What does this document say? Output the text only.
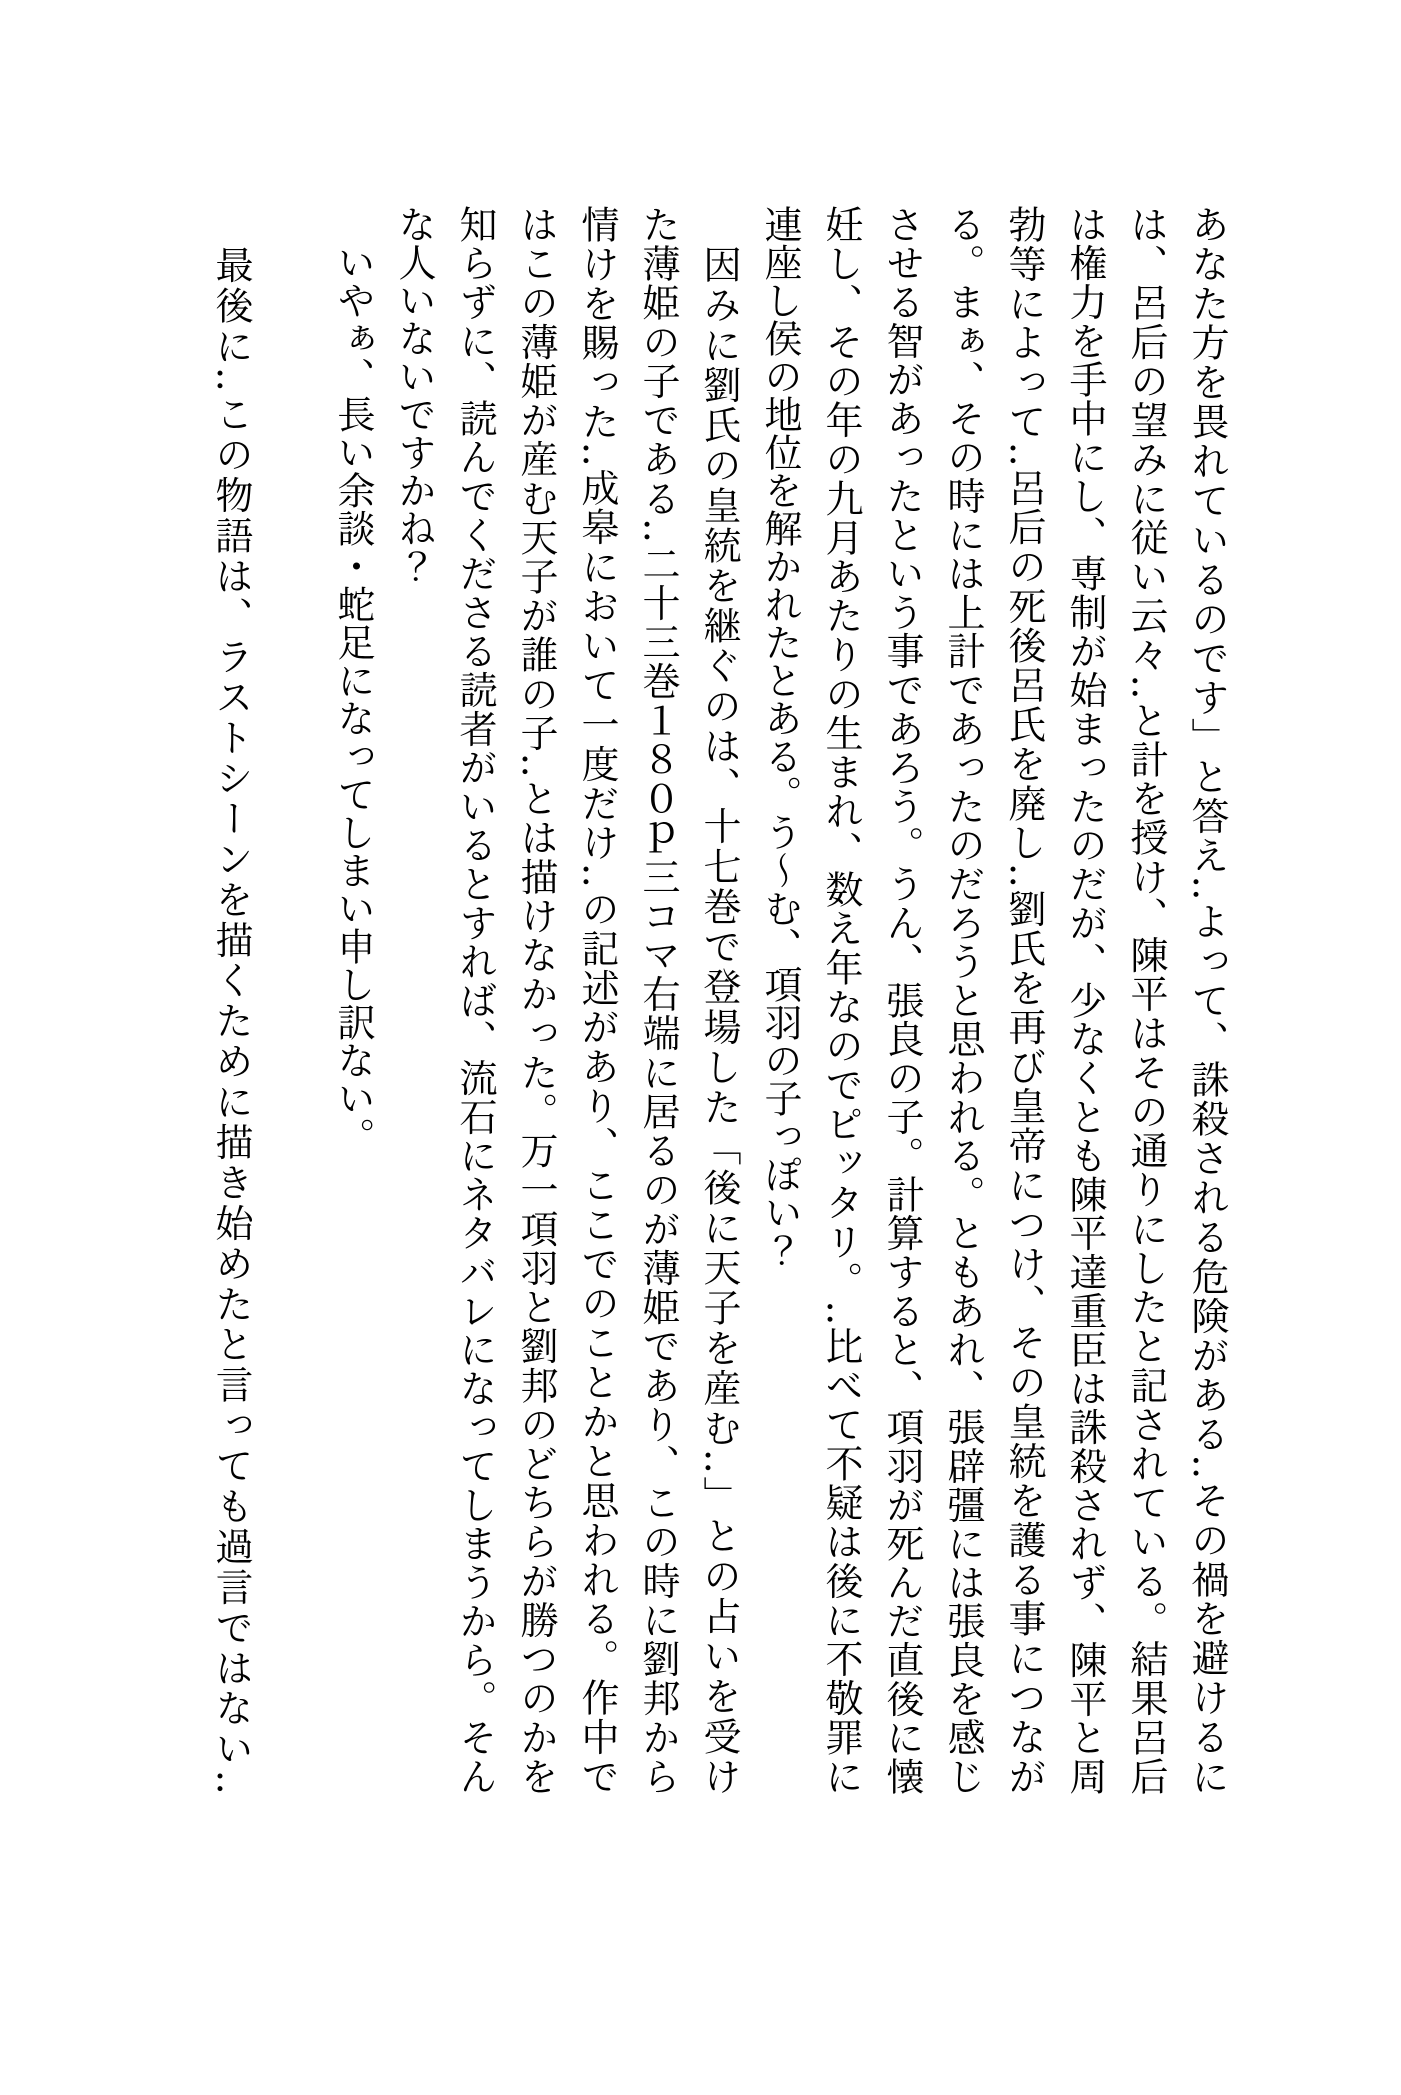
あなた方を畏れているのです」と答え‥よって、誅殺される危険がある‥その禍を避けるに
は、呂后の望みに従い云々‥と計を授け、陳平はその通りにしたと記されている。結果呂后
は権力を手中にし、専制が始まったのだが、少なくとも陳平達重臣は誅殺されず、陳平と周
勃等によって‥呂后の死後呂氏を廃し‥劉氏を再び皇帝につけ、その皇統を護る事につなが
る。まぁ、その時には上計であったのだろうと思われる。ともあれ、張辟彊には張良を感じ
させる智があったという事であろう。うん、張良の子。計算すると、項羽が死んだ直後に懐
妊し、その年の九月あたりの生まれ、数え年なのでピッタリ。‥比べて不疑は後に不敬罪に
連座し侯の地位を解かれたとある。う〜む、項羽の子っぽい？
　因みに劉氏の皇統を継ぐのは、十七巻で登場した「後に天子を産む‥」との占いを受け
た薄姫の子である‥二十三巻１８０ｐ三コマ右端に居るのが薄姫であり、この時に劉邦から
情けを賜った‥成皋において一度だけ‥の記述があり、ここでのことかと思われる。作中で
はこの薄姫が産む天子が誰の子‥とは描けなかった。万一項羽と劉邦のどちらが勝つのかを
知らずに、読んでくださる読者がいるとすれば、流石にネタバレになってしまうから。そん
な人いないですかね？
　いやぁ、長い余談・蛇足になってしまい申し訳ない。
　最後に‥この物語は、ラストシーンを描くために描き始めたと言っても過言ではない‥
